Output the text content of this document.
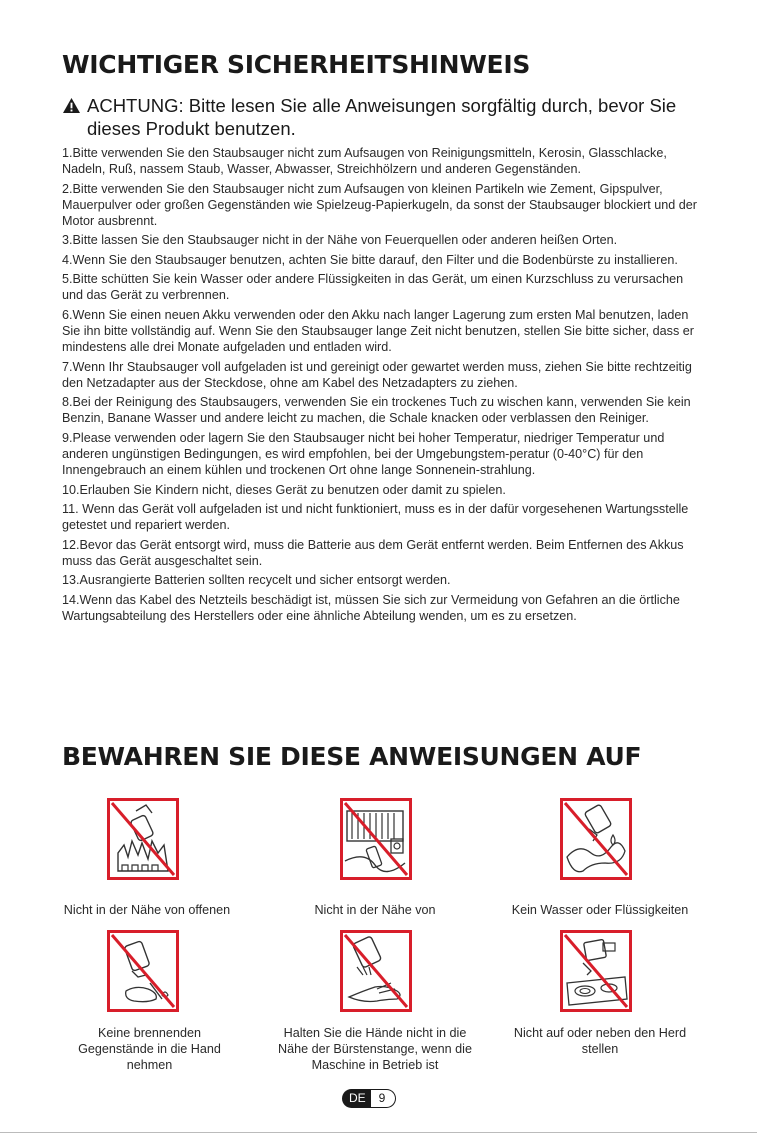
WICHTIGER SICHERHEITSHINWEIS
ACHTUNG: Bitte lesen Sie alle Anweisungen sorgfältig durch, bevor Sie
dieses Produkt benutzen.

1.Bitte verwenden Sie den Staubsauger nicht zum Aufsaugen von Reinigungsmitteln, Kerosin, Glasschlacke, Nadeln, Ruß, nassem Staub, Wasser, Abwasser, Streichhölzern und anderen Gegenständen.

2.Bitte verwenden Sie den Staubsauger nicht zum Aufsaugen von kleinen Partikeln wie Zement, Gipspulver, Mauerpulver oder großen Gegenständen wie Spielzeug-Papierkugeln, da sonst der Staubsauger blockiert und der Motor ausbrennt.

3.Bitte lassen Sie den Staubsauger nicht in der Nähe von Feuerquellen oder anderen heißen Orten.

4.Wenn Sie den Staubsauger benutzen, achten Sie bitte darauf, den Filter und die Bodenbürste zu installieren.

5.Bitte schütten Sie kein Wasser oder andere Flüssigkeiten in das Gerät, um einen Kurzschluss zu verursachen und das Gerät zu verbrennen.

6.Wenn Sie einen neuen Akku verwenden oder den Akku nach langer Lagerung zum ersten Mal benutzen, laden Sie ihn bitte vollständig auf. Wenn Sie den Staubsauger lange Zeit nicht benutzen, stellen Sie bitte sicher, dass er mindestens alle drei Monate aufgeladen und entladen wird.

7.Wenn Ihr Staubsauger voll aufgeladen ist und gereinigt oder gewartet werden muss, ziehen Sie bitte rechtzeitig den Netzadapter aus der Steckdose, ohne am Kabel des Netzadapters zu ziehen.

8.Bei der Reinigung des Staubsaugers, verwenden Sie ein trockenes Tuch zu wischen kann, verwenden Sie kein Benzin, Banane Wasser und andere leicht zu machen, die Schale knacken oder verblassen den Reiniger.

9.Please verwenden oder lagern Sie den Staubsauger nicht bei hoher Temperatur, niedriger Temperatur und anderen ungünstigen Bedingungen, es wird empfohlen, bei der Umgebungstem-peratur (0-40°C) für den Innengebrauch an einem kühlen und trockenen Ort ohne lange Sonnenein-strahlung.

10.Erlauben Sie Kindern nicht, dieses Gerät zu benutzen oder damit zu spielen.

11. Wenn das Gerät voll aufgeladen ist und nicht funktioniert, muss es in der dafür vorgesehenen Wartungsstelle getestet und repariert werden.

12.Bevor das Gerät entsorgt wird, muss die Batterie aus dem Gerät entfernt werden. Beim Entfernen des Akkus muss das Gerät ausgeschaltet sein.

13.Ausrangierte Batterien sollten recycelt und sicher entsorgt werden.

14.Wenn das Kabel des Netzteils beschädigt ist, müssen Sie sich zur Vermeidung von Gefahren an die örtliche Wartungsabteilung des Herstellers oder eine ähnliche Abteilung wenden, um es zu ersetzen.

BEWAHREN SIE DIESE ANWEISUNGEN AUF
Nicht in der Nähe von offenen	Nicht in der Nähe von	Kein Wasser oder Flüssigkeiten
Keine brennenden Gegenstände in die Hand nehmen
Halten Sie die Hände nicht in die Nähe der Bürstenstange, wenn die Maschine in Betrieb ist
Nicht auf oder neben den Herd stellen
DE	9
